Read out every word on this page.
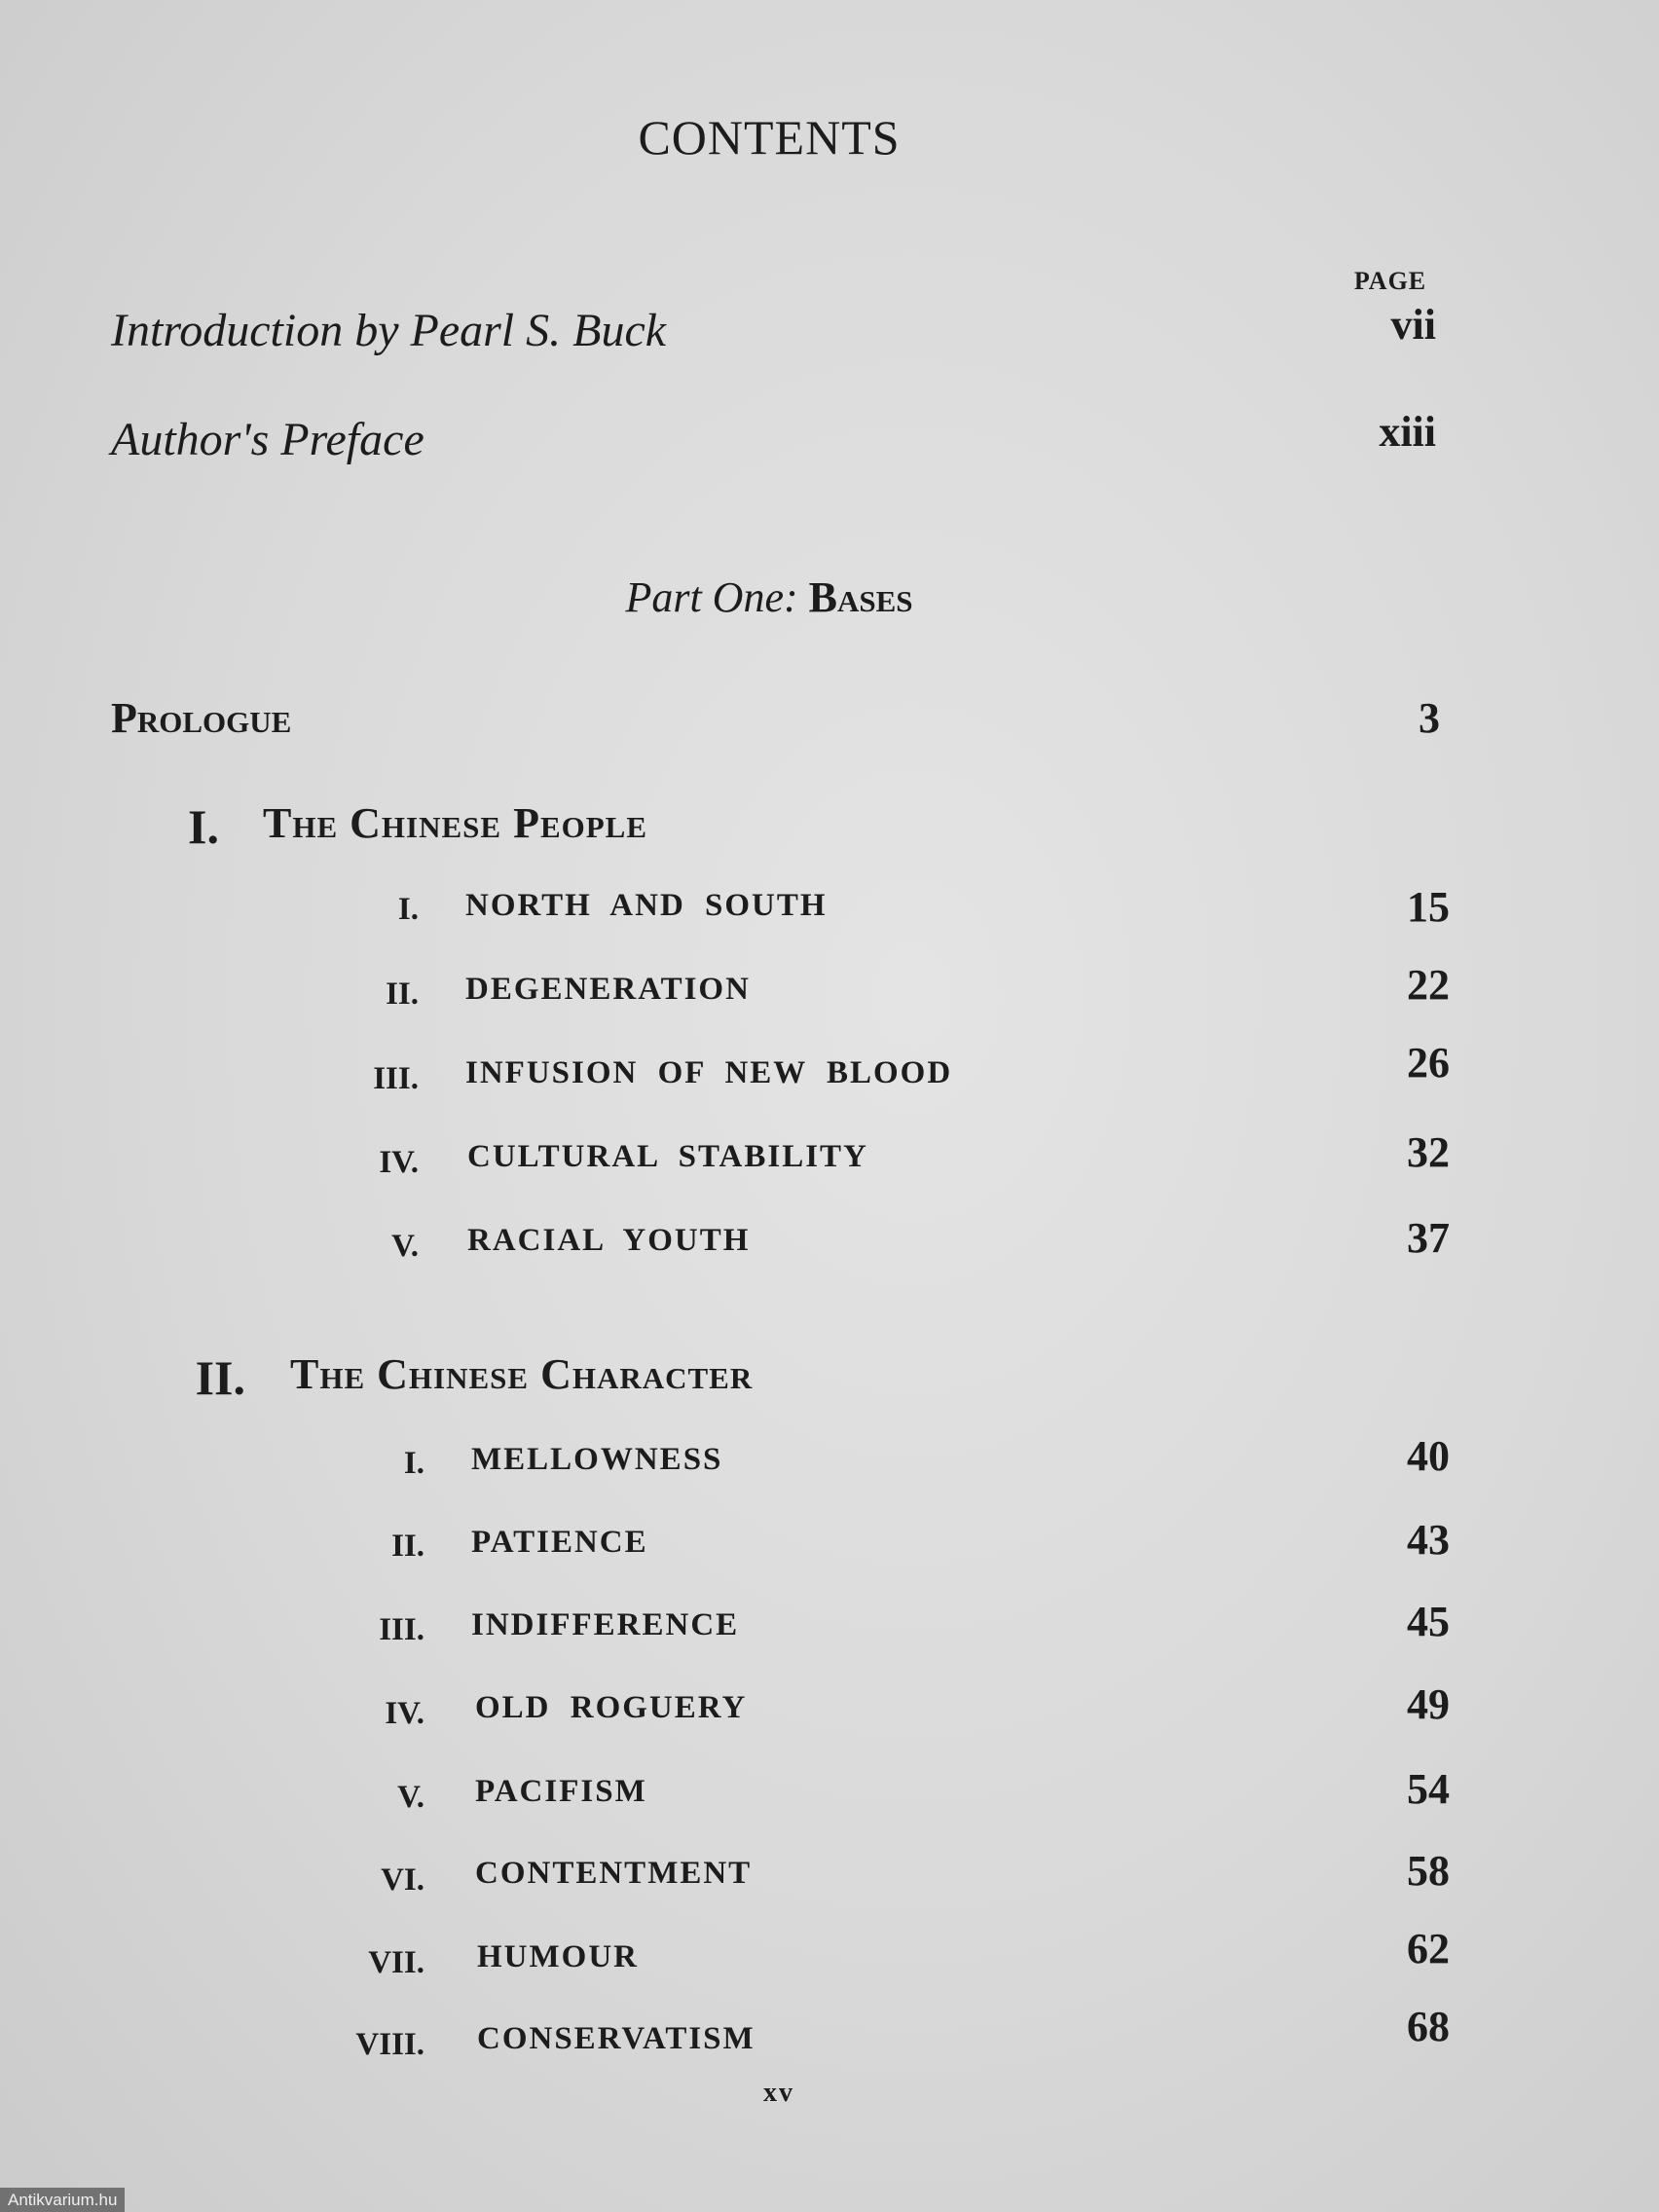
CONTENTS
PAGE
Introduction by Pearl S. Buck	vii
Author's Preface	xiii
Part One: Bases
Prologue	3
I. The Chinese People
I. NORTH AND SOUTH	15
II. DEGENERATION	22
III. INFUSION OF NEW BLOOD	26
IV. CULTURAL STABILITY	32
V. RACIAL YOUTH	37
II. The Chinese Character
I. MELLOWNESS	40
II. PATIENCE	43
III. INDIFFERENCE	45
IV. OLD ROGUERY	49
V. PACIFISM	54
VI. CONTENTMENT	58
VII. HUMOUR	62
VIII. CONSERVATISM	68
xv
Antikvarium.hu
